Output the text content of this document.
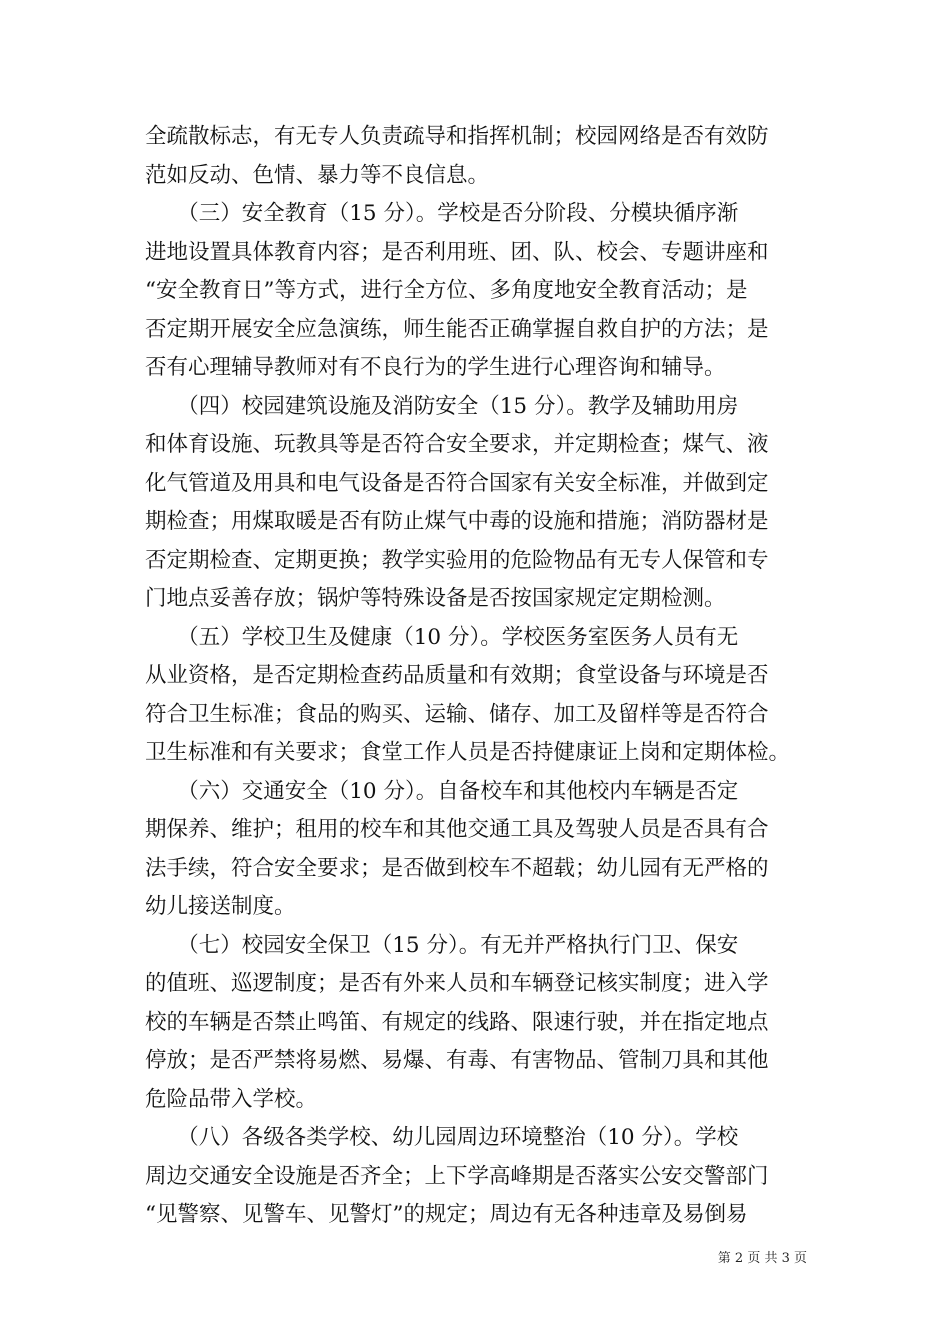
全疏散标志，有无专人负责疏导和指挥机制；校园网络是否有效防
范如反动、色情、暴力等不良信息。
　　（三）安全教育（15 分）。学校是否分阶段、分模块循序渐
进地设置具体教育内容；是否利用班、团、队、校会、专题讲座和
“安全教育日”等方式，进行全方位、多角度地安全教育活动；是
否定期开展安全应急演练，师生能否正确掌握自救自护的方法；是
否有心理辅导教师对有不良行为的学生进行心理咨询和辅导。
　　（四）校园建筑设施及消防安全（15 分）。教学及辅助用房
和体育设施、玩教具等是否符合安全要求，并定期检查；煤气、液
化气管道及用具和电气设备是否符合国家有关安全标准，并做到定
期检查；用煤取暖是否有防止煤气中毒的设施和措施；消防器材是
否定期检查、定期更换；教学实验用的危险物品有无专人保管和专
门地点妥善存放；锅炉等特殊设备是否按国家规定定期检测。
　　（五）学校卫生及健康（10 分）。学校医务室医务人员有无
从业资格，是否定期检查药品质量和有效期；食堂设备与环境是否
符合卫生标准；食品的购买、运输、储存、加工及留样等是否符合
卫生标准和有关要求；食堂工作人员是否持健康证上岗和定期体检。
　　（六）交通安全（10 分）。自备校车和其他校内车辆是否定
期保养、维护；租用的校车和其他交通工具及驾驶人员是否具有合
法手续，符合安全要求；是否做到校车不超载；幼儿园有无严格的
幼儿接送制度。
　　（七）校园安全保卫（15 分）。有无并严格执行门卫、保安
的值班、巡逻制度；是否有外来人员和车辆登记核实制度；进入学
校的车辆是否禁止鸣笛、有规定的线路、限速行驶，并在指定地点
停放；是否严禁将易燃、易爆、有毒、有害物品、管制刀具和其他
危险品带入学校。
　　（八）各级各类学校、幼儿园周边环境整治（10 分）。学校
周边交通安全设施是否齐全；上下学高峰期是否落实公安交警部门
“见警察、见警车、见警灯”的规定；周边有无各种违章及易倒易
第 2 页 共 3 页
